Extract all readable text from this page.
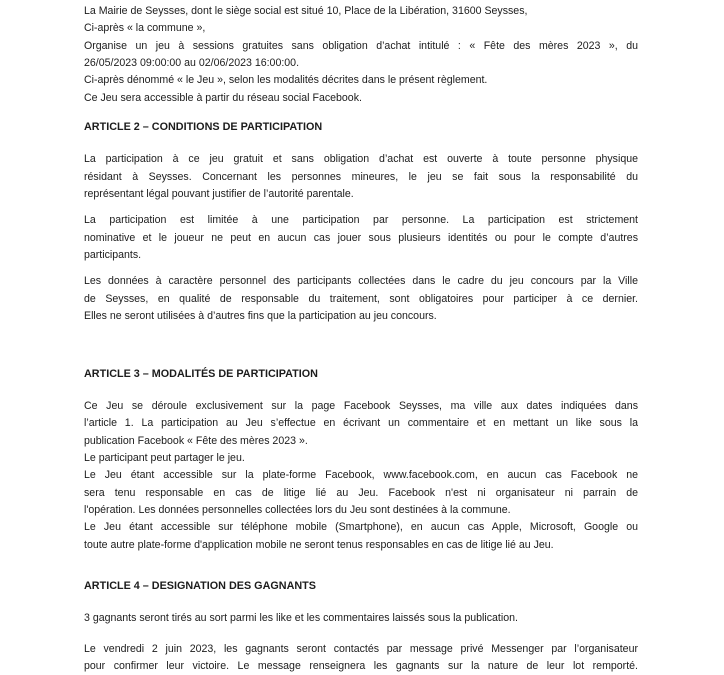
La Mairie de Seysses, dont le siège social est situé 10, Place de la Libération, 31600 Seysses,
Ci-après « la commune »,
Organise un jeu à sessions gratuites sans obligation d’achat intitulé : « Fête des mères 2023 », du
26/05/2023 09:00:00 au 02/06/2023 16:00:00.
Ci-après dénommé « le Jeu », selon les modalités décrites dans le présent règlement.
Ce Jeu sera accessible à partir du réseau social Facebook.
ARTICLE 2 – CONDITIONS DE PARTICIPATION
La participation à ce jeu gratuit et sans obligation d’achat est ouverte à toute personne physique
résidant à Seysses. Concernant les personnes mineures, le jeu se fait sous la responsabilité du
représentant légal pouvant justifier de l’autorité parentale.
La participation est limitée à une participation par personne. La participation est strictement
nominative et le joueur ne peut en aucun cas jouer sous plusieurs identités ou pour le compte d’autres
participants.
Les données à caractère personnel des participants collectées dans le cadre du jeu concours par la Ville
de Seysses, en qualité de responsable du traitement, sont obligatoires pour participer à ce dernier.
Elles ne seront utilisées à d’autres fins que la participation au jeu concours.
ARTICLE 3 – MODALITÉS DE PARTICIPATION
Ce Jeu se déroule exclusivement sur la page Facebook Seysses, ma ville aux dates indiquées dans
l’article 1. La participation au Jeu s’effectue en écrivant un commentaire et en mettant un like sous la
publication Facebook « Fête des mères 2023 ».
Le participant peut partager le jeu.
Le Jeu étant accessible sur la plate-forme Facebook, www.facebook.com, en aucun cas Facebook ne
sera tenu responsable en cas de litige lié au Jeu. Facebook n'est ni organisateur ni parrain de
l'opération. Les données personnelles collectées lors du Jeu sont destinées à la commune.
Le Jeu étant accessible sur téléphone mobile (Smartphone), en aucun cas Apple, Microsoft, Google ou
toute autre plate-forme d'application mobile ne seront tenus responsables en cas de litige lié au Jeu.
ARTICLE 4 – DESIGNATION DES GAGNANTS
3 gagnants seront tirés au sort parmi les like et les commentaires laissés sous la publication.
Le vendredi 2 juin 2023, les gagnants seront contactés par message privé Messenger par l’organisateur
pour confirmer leur victoire. Le message renseignera les gagnants sur la nature de leur lot remporté.
